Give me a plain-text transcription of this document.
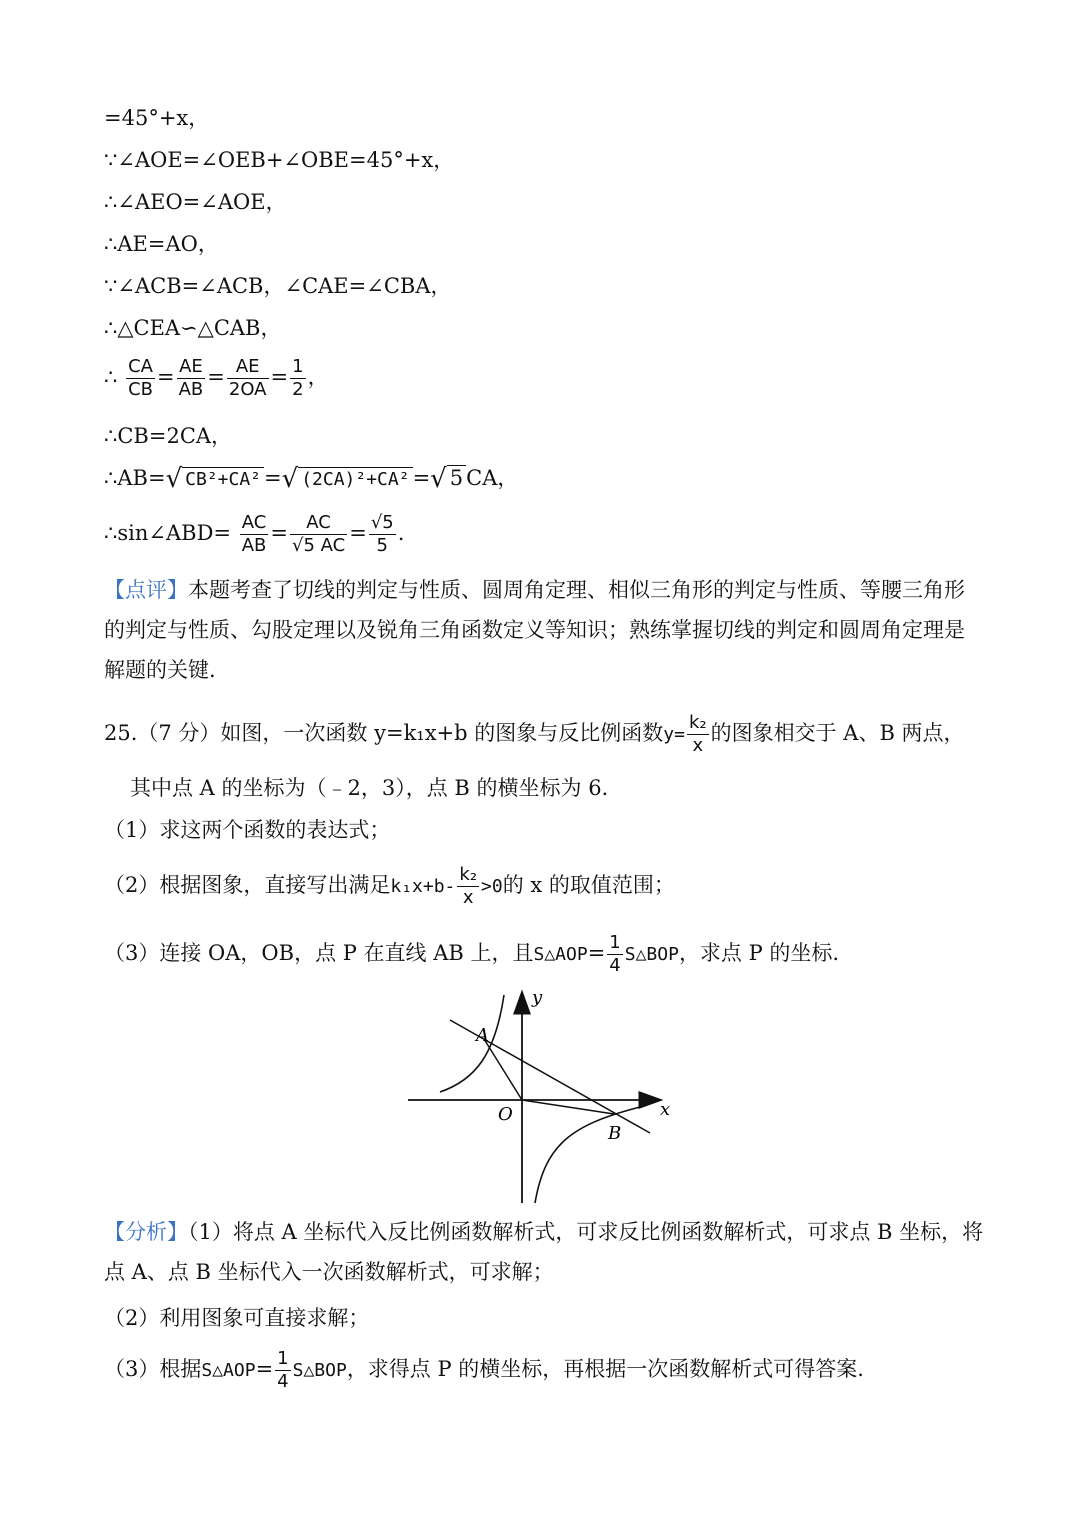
=45°+x，
∵∠AOE=∠OEB+∠OBE=45°+x，
∴∠AEO=∠AOE，
∴AE=AO，
∵∠ACB=∠ACB，∠CAE=∠CBA，
∴△CEA∽△CAB，
∴ $\frac{CA}{CB} = \frac{AE}{AB} = \frac{AE}{2OA} = \frac{1}{2}$ ，
∴CB=2CA，
∴AB=√ CB²+CA² =√ (2CA)²+CA² =√ 5 CA，
∴sin∠ABD= $\frac{AC}{AB} = \frac{AC}{√5 AC} = \frac{√5}{5}$ .
【点评】本题考查了切线的判定与性质、圆周角定理、相似三角形的判定与性质、等腰三角形的判定与性质、勾股定理以及锐角三角函数定义等知识；熟练掌握切线的判定和圆周角定理是解题的关键.
25.（7 分）如图，一次函数 y=k₁x+b 的图象与反比例函数$y= \frac{\text{k₂}}{x}$ 的图象相交于 A、B 两点，
其中点 A 的坐标为（﹣2，3），点 B 的横坐标为 6.
（1）求这两个函数的表达式；
（2）根据图象，直接写出满足$k_1x+b- \frac{\text{k₂}}{x} >0$的 x 的取值范围；
（3）连接 OA，OB，点 P 在直线 AB 上，且S△AOP= $\frac{1}{4}$ S△BOP，求点 P 的坐标.
y
x
O
A
B
【分析】（1）将点 A 坐标代入反比例函数解析式，可求反比例函数解析式，可求点 B 坐标，将点 A、点 B 坐标代入一次函数解析式，可求解；
（2）利用图象可直接求解；
（3）根据S△AOP= $\frac{1}{4}$ S△BOP，求得点 P 的横坐标，再根据一次函数解析式可得答案.
